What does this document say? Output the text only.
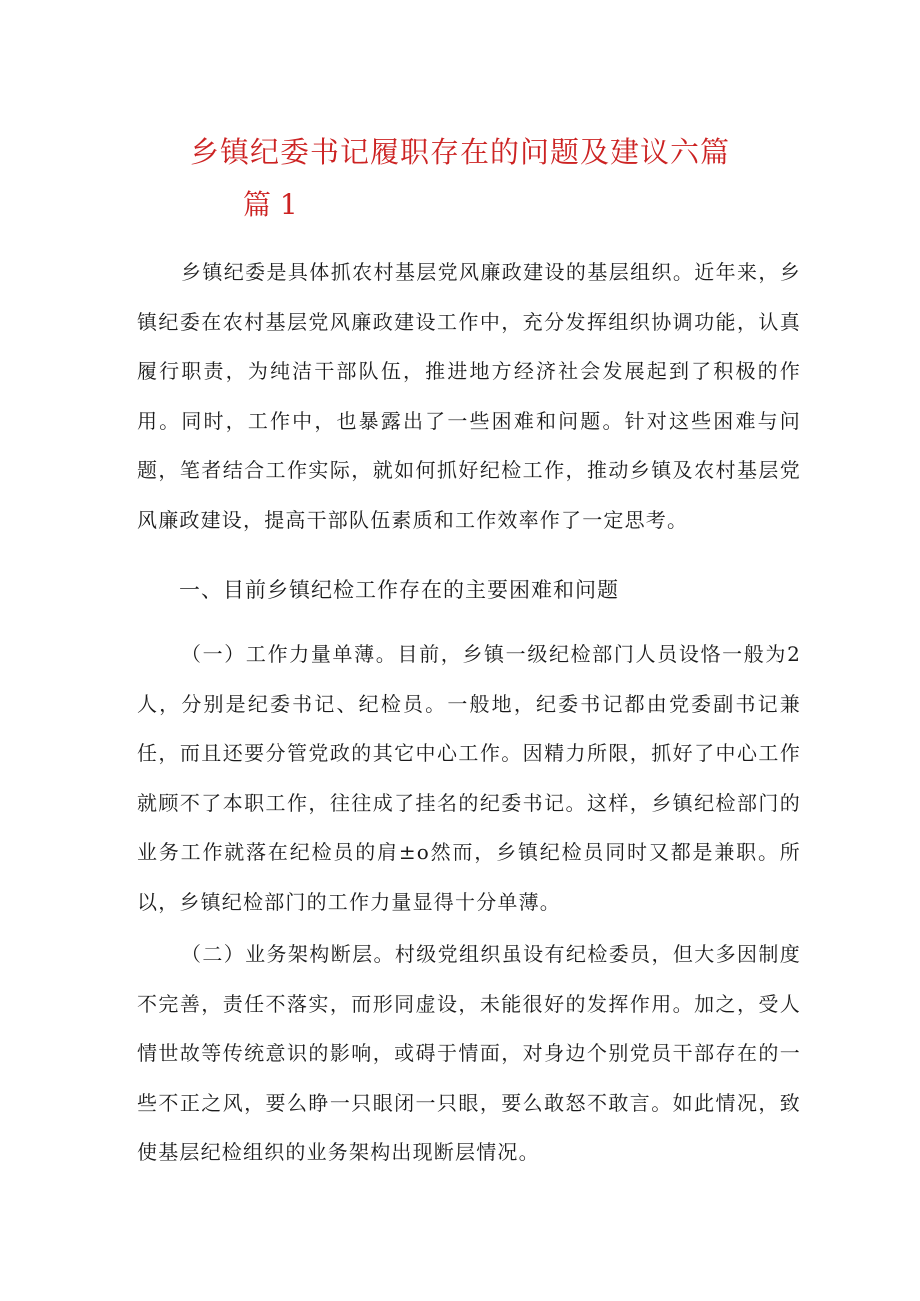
乡镇纪委书记履职存在的问题及建议六篇
篇 1

乡镇纪委是具体抓农村基层党风廉政建设的基层组织。近年来，乡镇纪委在农村基层党风廉政建设工作中，充分发挥组织协调功能，认真履行职责，为纯洁干部队伍，推进地方经济社会发展起到了积极的作用。同时，工作中，也暴露出了一些困难和问题。针对这些困难与问题，笔者结合工作实际，就如何抓好纪检工作，推动乡镇及农村基层党风廉政建设，提高干部队伍素质和工作效率作了一定思考。

一、目前乡镇纪检工作存在的主要困难和问题

（一）工作力量单薄。目前，乡镇一级纪检部门人员设恪一般为2人，分别是纪委书记、纪检员。一般地，纪委书记都由党委副书记兼任，而且还要分管党政的其它中心工作。因精力所限，抓好了中心工作就顾不了本职工作，往往成了挂名的纪委书记。这样，乡镇纪检部门的业务工作就落在纪检员的肩±o然而，乡镇纪检员同时又都是兼职。所以，乡镇纪检部门的工作力量显得十分单薄。

（二）业务架构断层。村级党组织虽设有纪检委员，但大多因制度不完善，责任不落实，而形同虚设，未能很好的发挥作用。加之，受人情世故等传统意识的影响，或碍于情面，对身边个别党员干部存在的一些不正之风，要么睁一只眼闭一只眼，要么敢怒不敢言。如此情况，致使基层纪检组织的业务架构出现断层情况。
